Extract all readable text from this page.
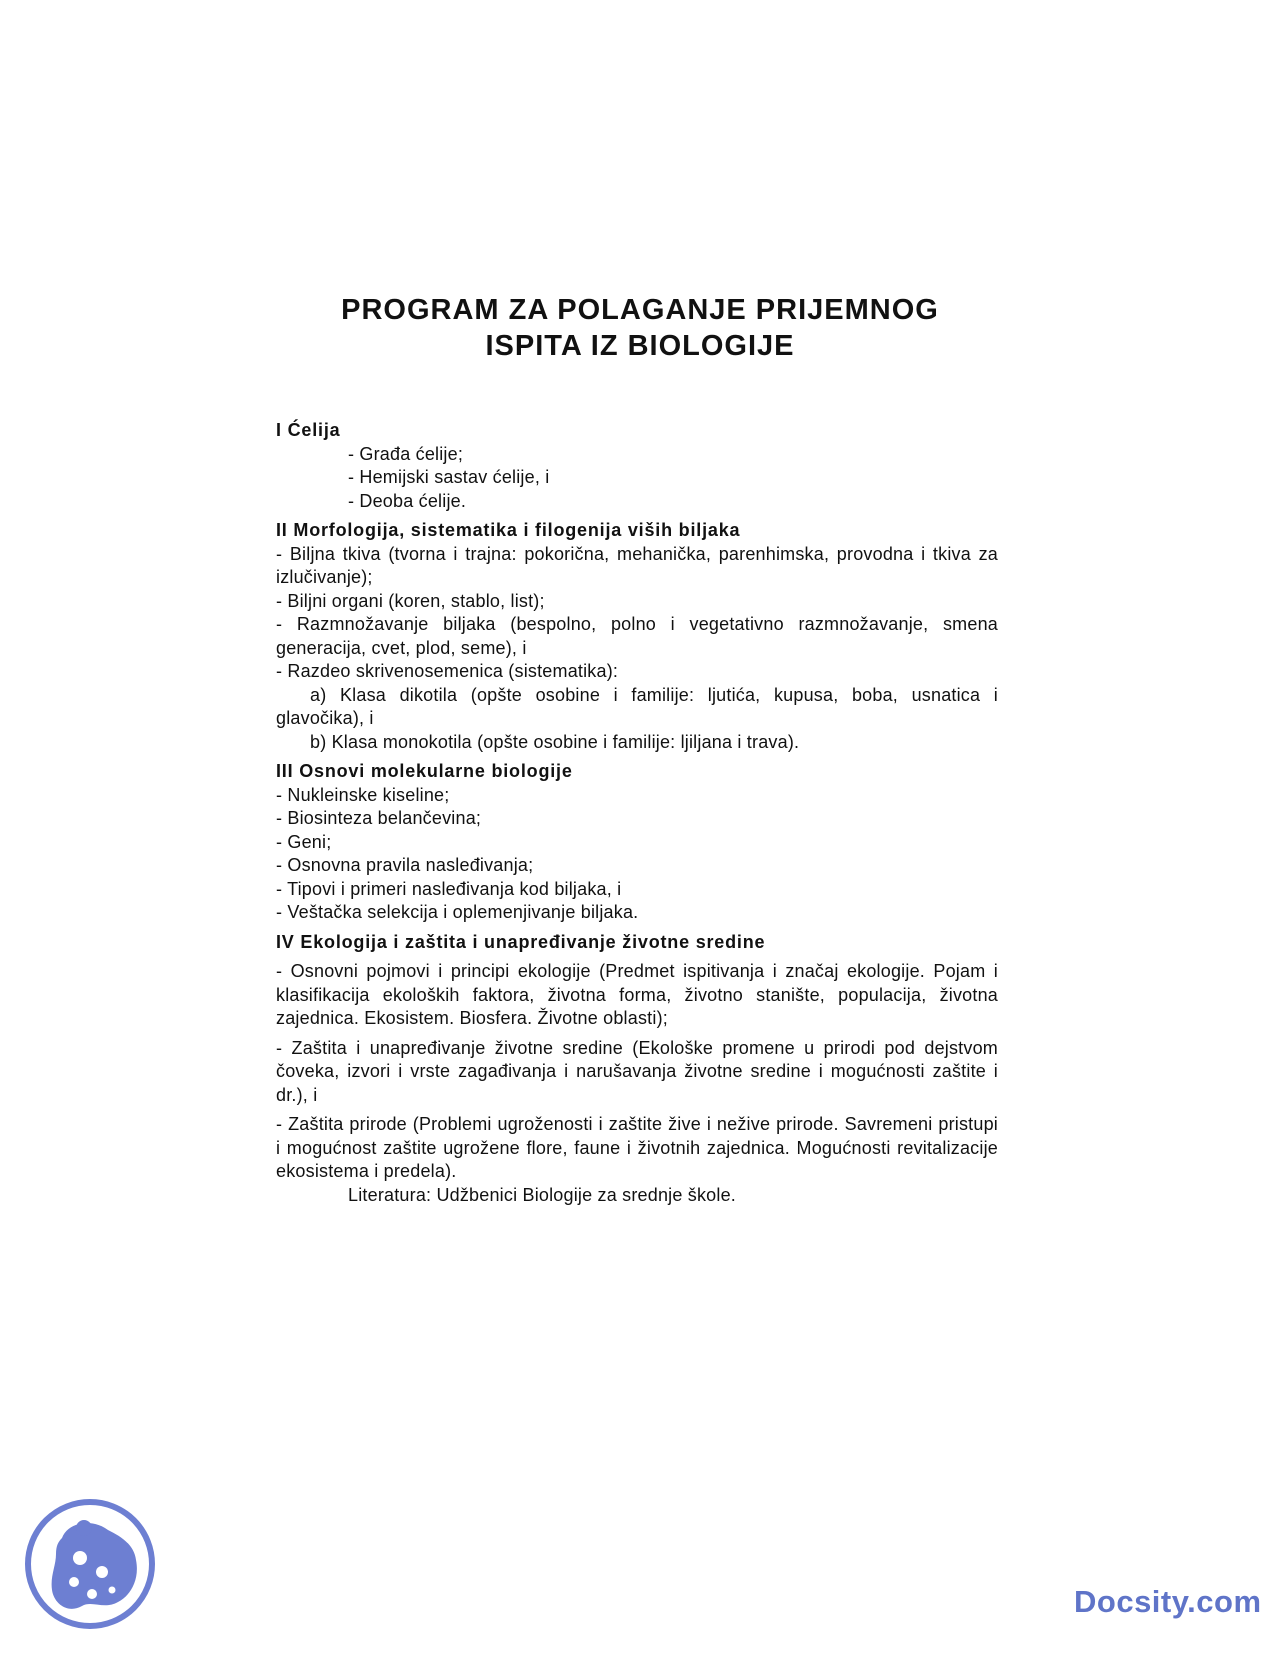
PROGRAM ZA POLAGANJE PRIJEMNOG
ISPITA IZ BIOLOGIJE

I Ćelija

- Građa ćelije;

- Hemijski sastav ćelije, i

- Deoba ćelije.

II Morfologija, sistematika i filogenija viših biljaka

- Biljna tkiva (tvorna i trajna: pokorična, mehanička, parenhimska, provodna i tkiva za izlučivanje);

- Biljni organi (koren, stablo, list);

- Razmnožavanje biljaka (bespolno, polno i vegetativno razmnožavanje, smena generacija, cvet, plod, seme), i

- Razdeo skrivenosemenica (sistematika):

a) Klasa dikotila (opšte osobine i familije: ljutića, kupusa, boba, usnatica i glavočika), i

b) Klasa monokotila (opšte osobine i familije: ljiljana i trava).

III Osnovi molekularne biologije

- Nukleinske kiseline;

- Biosinteza belančevina;

- Geni;

- Osnovna pravila nasleđivanja;

- Tipovi i primeri nasleđivanja kod biljaka, i

- Veštačka selekcija i oplemenjivanje biljaka.

IV Ekologija i zaštita i unapređivanje životne sredine

- Osnovni pojmovi i principi ekologije (Predmet ispitivanja i značaj ekologije. Pojam i klasifikacija ekoloških faktora, životna forma, životno stanište, populacija, životna zajednica. Ekosistem. Biosfera. Životne oblasti);

- Zaštita i unapređivanje životne sredine (Ekološke promene u prirodi pod dejstvom čoveka, izvori i vrste zagađivanja i narušavanja životne sredine i mogućnosti zaštite i dr.), i

- Zaštita prirode (Problemi ugroženosti i zaštite žive i nežive prirode. Savremeni pristupi i mogućnost zaštite ugrožene flore, faune i životnih zajednica. Mogućnosti revitalizacije ekosistema i predela).

Literatura: Udžbenici Biologije za srednje škole.

Docsity.com
